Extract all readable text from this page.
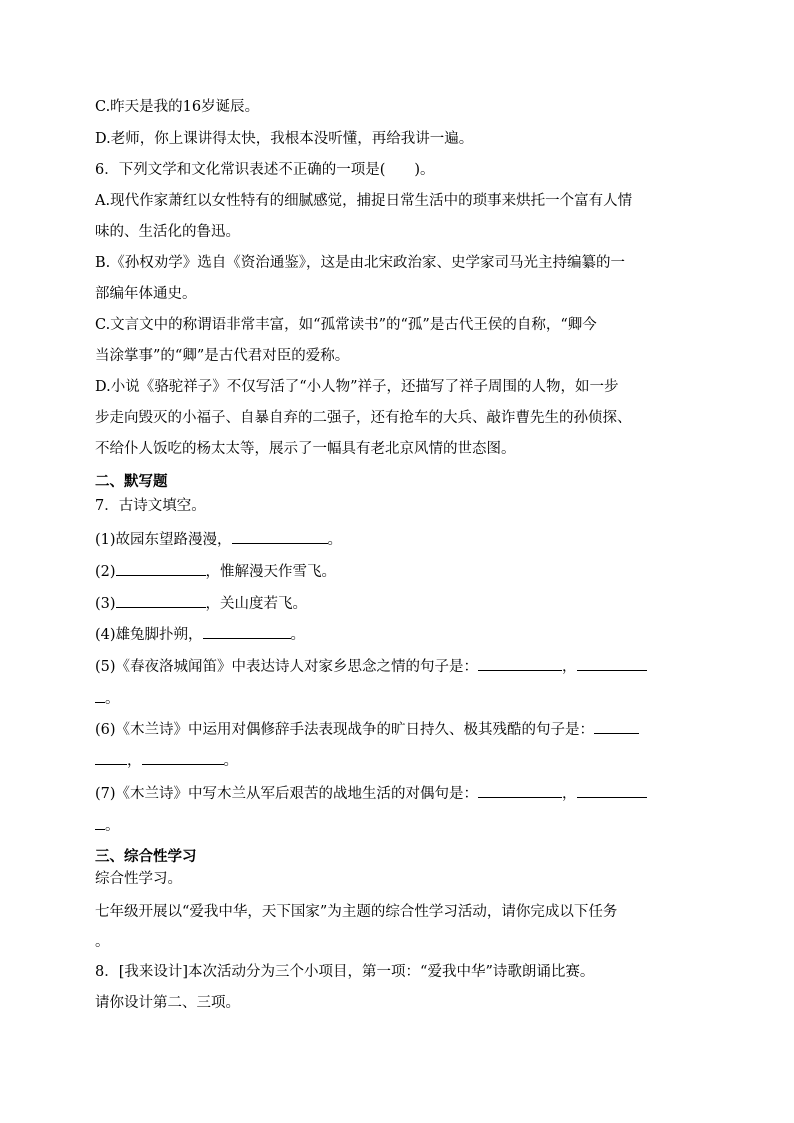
C.昨天是我的16岁诞辰。
D.老师，你上课讲得太快，我根本没听懂，再给我讲一遍。
6．下列文学和文化常识表述不正确的一项是(　　)。
A.现代作家萧红以女性特有的细腻感觉，捕捉日常生活中的琐事来烘托一个富有人情
味的、生活化的鲁迅。
B.《孙权劝学》选自《资治通鉴》，这是由北宋政治家、史学家司马光主持编纂的一
部编年体通史。
C.文言文中的称谓语非常丰富，如“孤常读书”的“孤”是古代王侯的自称，“卿今
当涂掌事”的“卿”是古代君对臣的爱称。
D.小说《骆驼祥子》不仅写活了“小人物”祥子，还描写了祥子周围的人物，如一步
步走向毁灭的小福子、自暴自弃的二强子，还有抢车的大兵、敲诈曹先生的孙侦探、
不给仆人饭吃的杨太太等，展示了一幅具有老北京风情的世态图。
二、默写题
7．古诗文填空。
(1)故园东望路漫漫，	。
(2)	，惟解漫天作雪飞。
(3)	，关山度若飞。
(4)雄兔脚扑朔，	。
(5)《春夜洛城闻笛》中表达诗人对家乡思念之情的句子是：	，
。
(6)《木兰诗》中运用对偶修辞手法表现战争的旷日持久、极其残酷的句子是：
，	。
(7)《木兰诗》中写木兰从军后艰苦的战地生活的对偶句是：	，
。
三、综合性学习
综合性学习。
七年级开展以“爱我中华，天下国家”为主题的综合性学习活动，请你完成以下任务
。
8．[我来设计]本次活动分为三个小项目，第一项：“爱我中华”诗歌朗诵比赛。
请你设计第二、三项。
